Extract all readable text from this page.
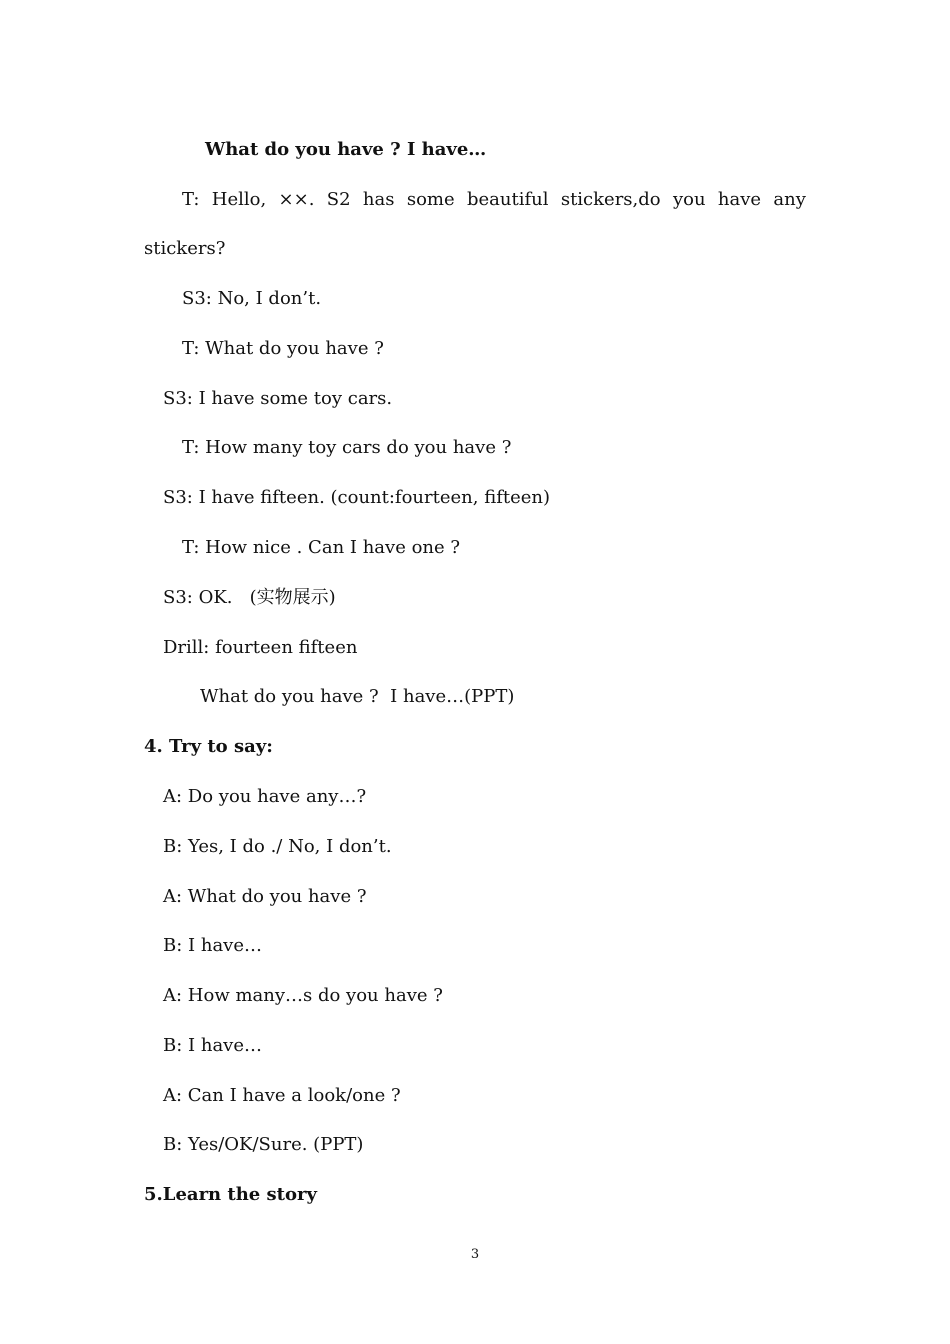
What do you have ? I have…
T: Hello, ××. S2 has some beautiful stickers,do you have any
stickers?
S3: No, I don’t.
T: What do you have ?
S3: I have some toy cars.
T: How many toy cars do you have ?
S3: I have fifteen. (count:fourteen, fifteen)
T: How nice . Can I have one ?
S3: OK.   (实物展示)
Drill: fourteen fifteen
What do you have ?  I have…(PPT)
4. Try to say:
A: Do you have any…?
B: Yes, I do ./ No, I don’t.
A: What do you have ?
B: I have…
A: How many…s do you have ?
B: I have…
A: Can I have a look/one ?
B: Yes/OK/Sure. (PPT)
5.Learn the story
3
